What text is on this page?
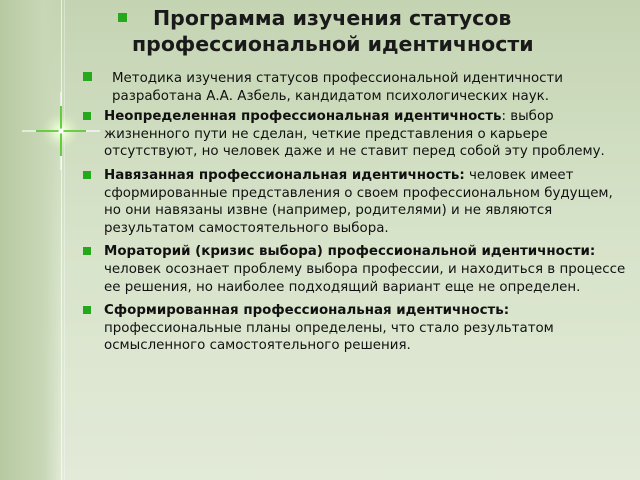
Программа изучения статусов
профессиональной идентичности
Методика изучения статусов профессиональной идентичности разработана А.А. Азбель, кандидатом психологических наук.
Неопределенная профессиональная идентичность: выбор жизненного пути не сделан, четкие представления о карьере отсутствуют, но человек даже и не ставит перед собой эту проблему.
Навязанная профессиональная идентичность: человек имеет сформированные представления о своем профессиональном будущем, но они навязаны извне (например, родителями) и не являются результатом самостоятельного выбора.
Мораторий (кризис выбора) профессиональной идентичности: человек осознает проблему выбора профессии, и находиться в процессе ее решения, но наиболее подходящий вариант еще не определен.
Сформированная профессиональная идентичность: профессиональные планы определены, что стало результатом осмысленного самостоятельного решения.
